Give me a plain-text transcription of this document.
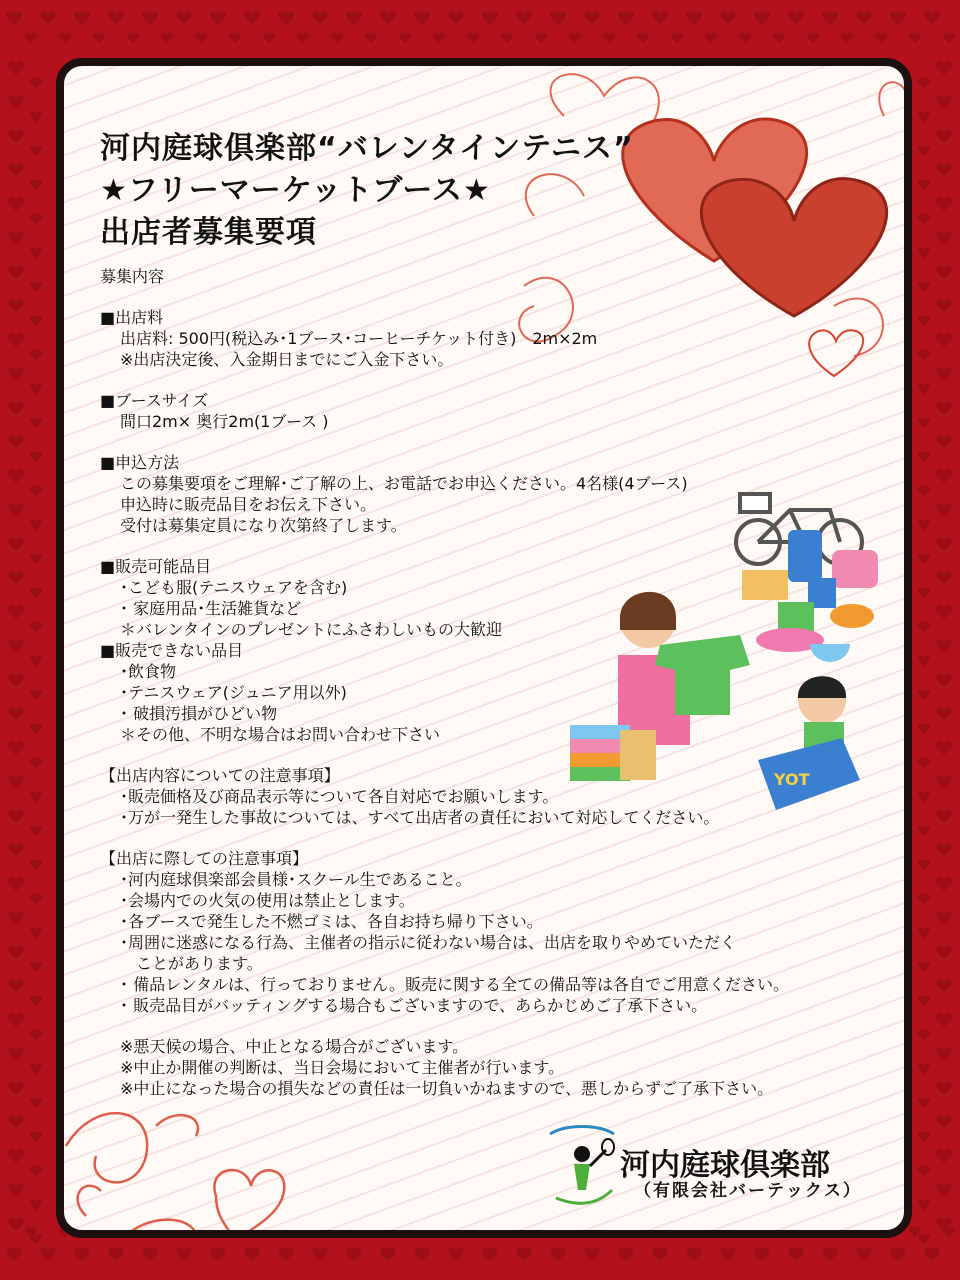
河内庭球倶楽部“バレンタインテニス”
★フリーマーケットブース★
出店者募集要項
YOT
募集内容
■出店料
出店料: 500円(税込み･1ブース･コーヒーチケット付き)　2m×2m
※出店決定後、入金期日までにご入金下さい。
■ブースサイズ
間口2m× 奥行2m(1ブース )
■申込方法
この募集要項をご理解･ご了解の上、お電話でお申込ください。4名様(4ブース)
申込時に販売品目をお伝え下さい。
受付は募集定員になり次第終了します。
■販売可能品目
･こども服(テニスウェアを含む)
･ 家庭用品･生活雑貨など
＊バレンタインのプレゼントにふさわしいもの大歓迎
■販売できない品目
･飲食物
･テニスウェア(ジュニア用以外)
･ 破損汚損がひどい物
＊その他、不明な場合はお問い合わせ下さい
【出店内容についての注意事項】
･販売価格及び商品表示等について各自対応でお願いします。
･万が一発生した事故については、すべて出店者の責任において対応してください。
【出店に際しての注意事項】
･河内庭球倶楽部会員様･スクール生であること。
･会場内での火気の使用は禁止とします。
･各ブースで発生した不燃ゴミは、各自お持ち帰り下さい。
･周囲に迷惑になる行為、主催者の指示に従わない場合は、出店を取りやめていただく
　ことがあります。
･ 備品レンタルは、行っておりません。販売に関する全ての備品等は各自でご用意ください。
･ 販売品目がバッティングする場合もございますので、あらかじめご了承下さい。
※悪天候の場合、中止となる場合がございます。
※中止か開催の判断は、当日会場において主催者が行います。
※中止になった場合の損失などの責任は一切負いかねますので、悪しからずご了承下さい。
河内庭球倶楽部
（有限会社バーテックス）
